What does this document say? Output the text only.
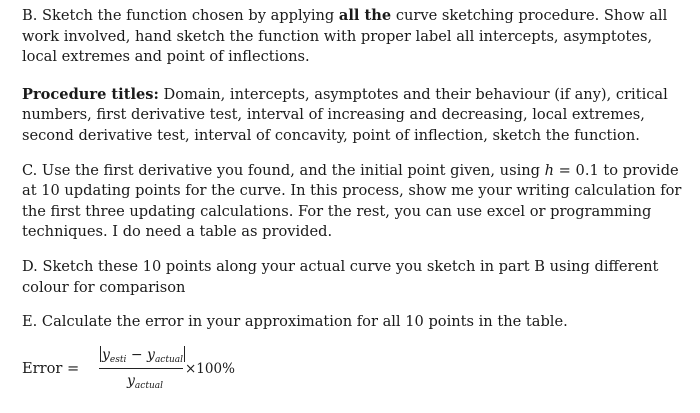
B. Sketch the function chosen by applying all the curve sketching procedure. Show all work involved, hand sketch the function with proper label all intercepts, asymptotes, local extremes and point of inflections.

Procedure titles: Domain, intercepts, asymptotes and their behaviour (if any), critical numbers, first derivative test, interval of increasing and decreasing, local extremes, second derivative test, interval of concavity, point of inflection, sketch the function.

C. Use the first derivative you found, and the initial point given, using h = 0.1 to provide at 10 updating points for the curve. In this process, show me your writing calculation for the first three updating calculations. For the rest, you can use excel or programming techniques. I do need a table as provided.

D. Sketch these 10 points along your actual curve you sketch in part B using different colour for comparison

E. Calculate the error in your approximation for all 10 points in the table.

Error =
$y_{esti} - y_{actual}$
$y_{actual}$
×100%
